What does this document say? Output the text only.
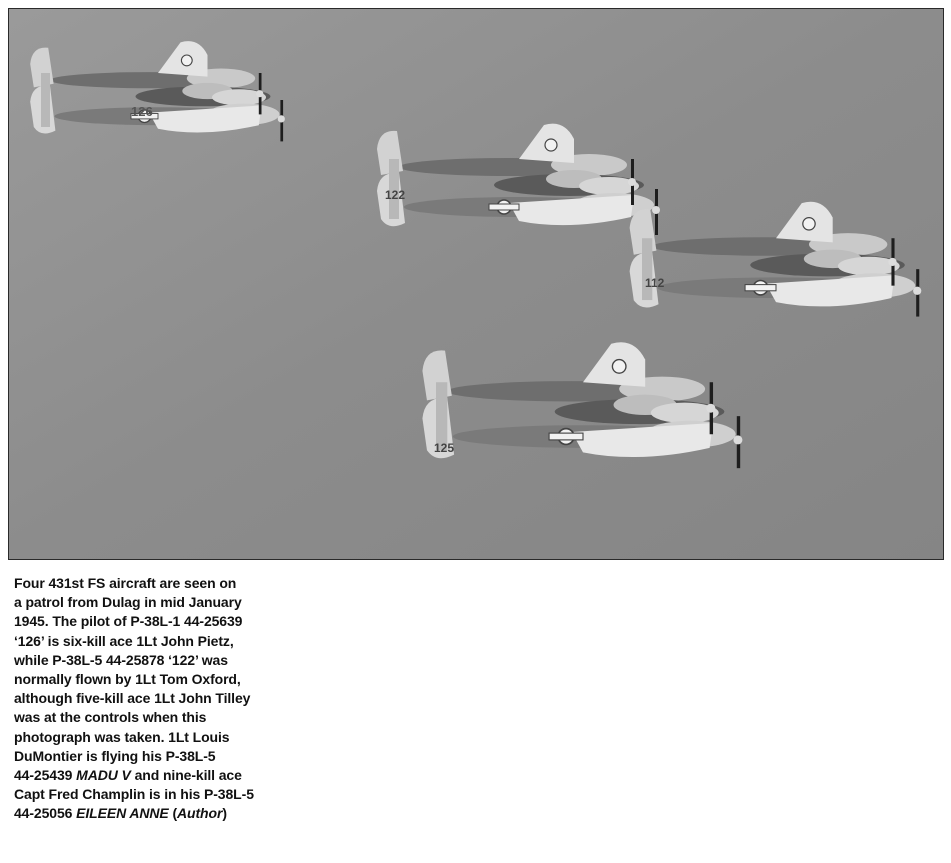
126
122
112
125

Four 431st FS aircraft are seen on

a patrol from Dulag in mid January

1945. The pilot of P-38L-1 44-25639

‘126’ is six-kill ace 1Lt John Pietz,

while P-38L-5 44-25878 ‘122’ was

normally flown by 1Lt Tom Oxford,

although five-kill ace 1Lt John Tilley

was at the controls when this

photograph was taken. 1Lt Louis

DuMontier is flying his P-38L-5

44-25439 MADU V and nine-kill ace

Capt Fred Champlin is in his P-38L-5

44-25056 EILEEN ANNE (Author)
